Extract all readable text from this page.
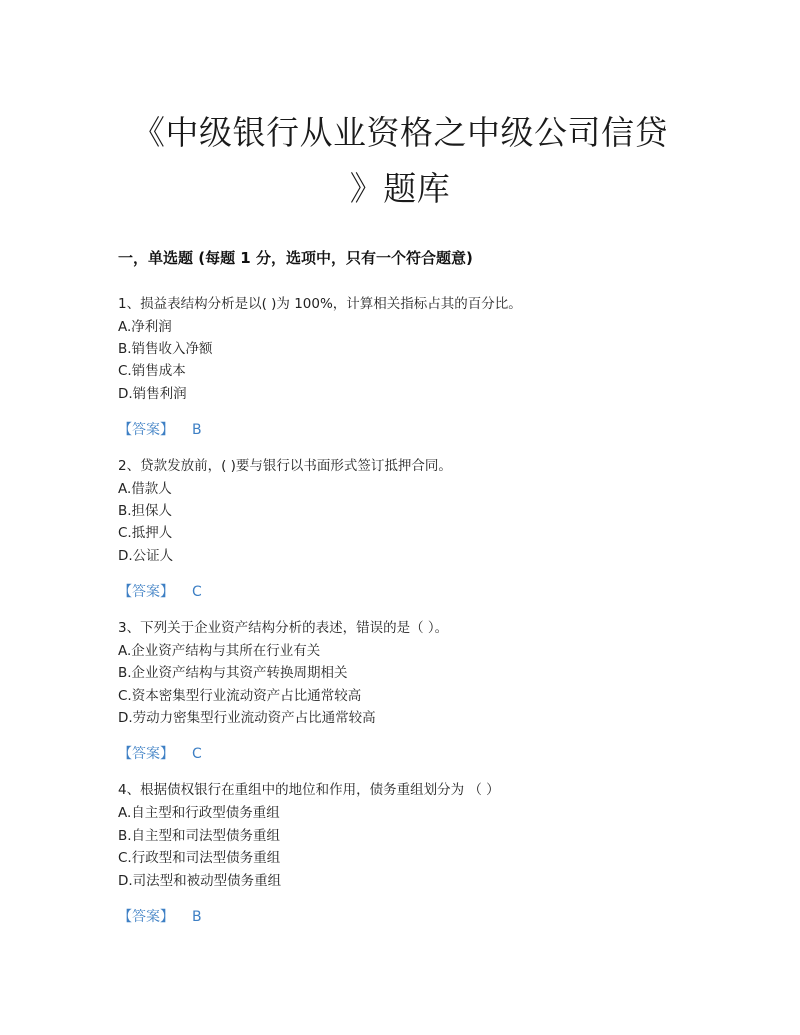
《中级银行从业资格之中级公司信贷
》题库
一，单选题 (每题 1 分，选项中，只有一个符合题意)
1、损益表结构分析是以( )为 100%，计算相关指标占其的百分比。
A.净利润
B.销售收入净额
C.销售成本
D.销售利润
【答案】 B
2、贷款发放前，( )要与银行以书面形式签订抵押合同。
A.借款人
B.担保人
C.抵押人
D.公证人
【答案】 C
3、下列关于企业资产结构分析的表述，错误的是（ ）。
A.企业资产结构与其所在行业有关
B.企业资产结构与其资产转换周期相关
C.资本密集型行业流动资产占比通常较高
D.劳动力密集型行业流动资产占比通常较高
【答案】 C
4、根据债权银行在重组中的地位和作用，债务重组划分为 （ ）
A.自主型和行政型债务重组
B.自主型和司法型债务重组
C.行政型和司法型债务重组
D.司法型和被动型债务重组
【答案】 B
